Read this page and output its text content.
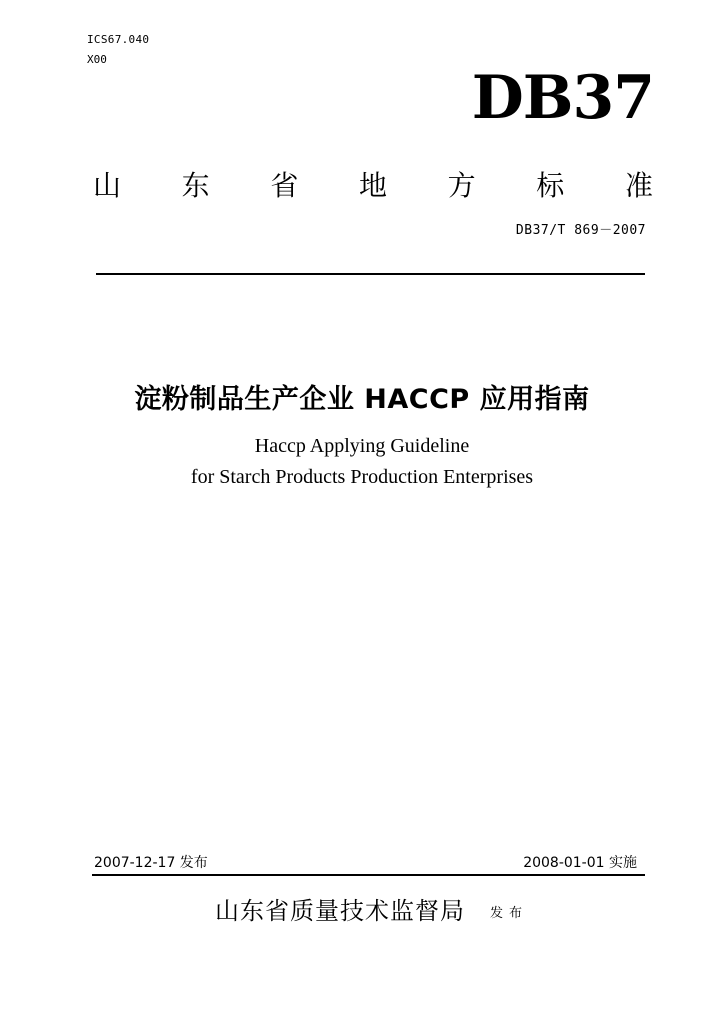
ICS67.040
X00
DB37
山 东 省 地 方 标 准
DB37/T 869－2007
淀粉制品生产企业 HACCP 应用指南
Haccp Applying Guideline
for Starch Products Production Enterprises
2007-12-17 发布	2008-01-01 实施
山东省质量技术监督局 发布
